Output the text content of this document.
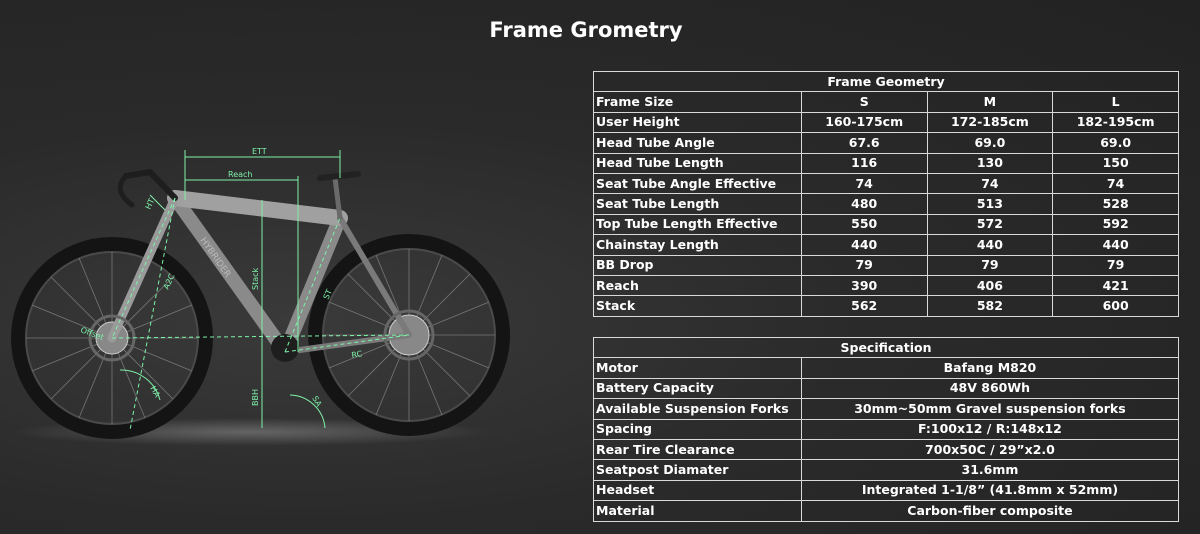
Frame Grometry
HYBRIDER
ETT
Reach
HT
A2C	Stack
ST
Offset
HA	BBH	SA
RC
Frame Geometry			
Frame Size	S	M	L
User Height	160-175cm	172-185cm	182-195cm
Head Tube Angle	67.6	69.0	69.0
Head Tube Length	116	130	150
Seat Tube Angle Effective	74	74	74
Seat Tube Length	480	513	528
Top Tube Length Effective	550	572	592
Chainstay Length	440	440	440
BB Drop	79	79	79
Reach	390	406	421
Stack	562	582	600
Specification	
Motor	Bafang M820
Battery Capacity	48V 860Wh
Available Suspension Forks	30mm~50mm Gravel suspension forks
Spacing	F:100x12 / R:148x12
Rear Tire Clearance	700x50C / 29”x2.0
Seatpost Diamater	31.6mm
Headset	Integrated 1-1/8” (41.8mm x 52mm)
Material	Carbon-fiber composite
